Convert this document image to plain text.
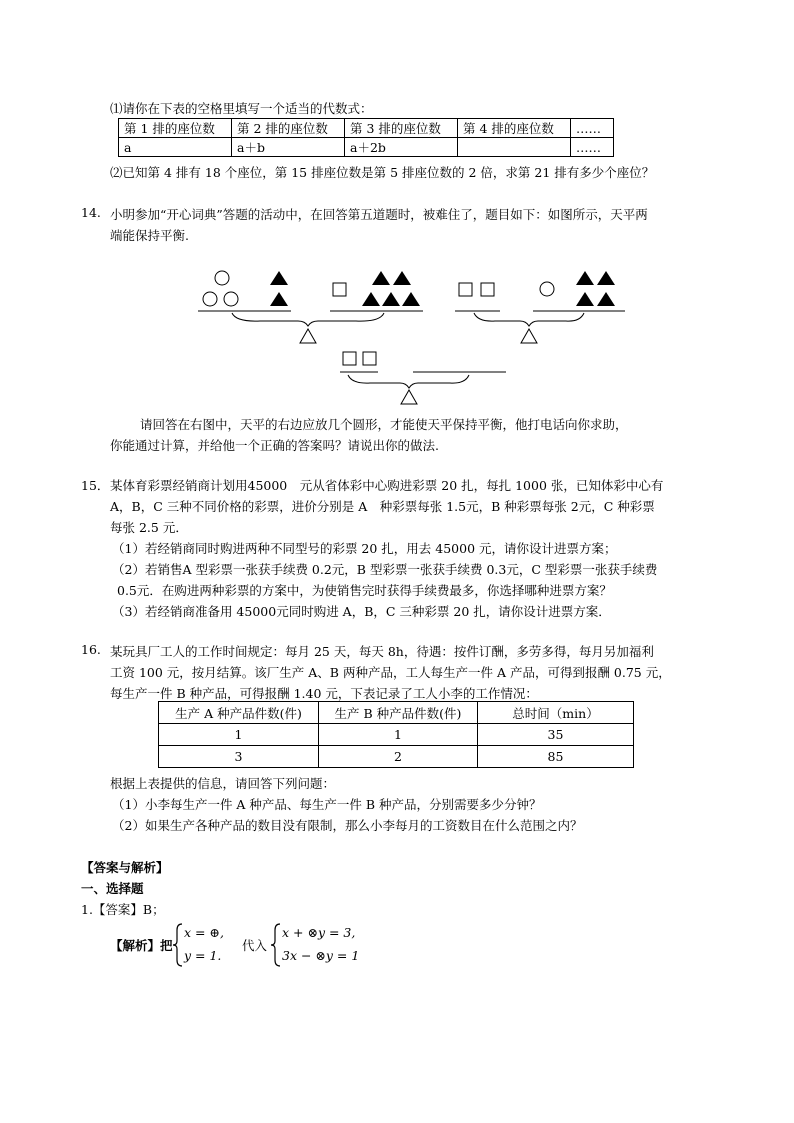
⑴请你在下表的空格里填写一个适当的代数式：
第 1 排的座位数	第 2 排的座位数	第 3 排的座位数	第 4 排的座位数	……
a	a＋b	a＋2b		……
⑵已知第 4 排有 18 个座位，第 15 排座位数是第 5 排座位数的 2 倍，求第 21 排有多少个座位？
14. 小明参加“开心词典”答题的活动中，在回答第五道题时，被难住了，题目如下：如图所示，天平两
端能保持平衡.
请回答在右图中，天平的右边应放几个圆形，才能使天平保持平衡，他打电话向你求助，
你能通过计算，并给他一个正确的答案吗？请说出你的做法.
15． 某体育彩票经销商计划用45000　元从省体彩中心购进彩票 20 扎，每扎 1000 张，已知体彩中心有
A，B，C 三种不同价格的彩票，进价分别是 A　种彩票每张 1.5元，B 种彩票每张 2元，C 种彩票
每张 2.5 元．
（1）若经销商同时购进两种不同型号的彩票 20 扎，用去 45000 元，请你设计进票方案；
（2）若销售A 型彩票一张获手续费 0.2元，B 型彩票一张获手续费 0.3元，C 型彩票一张获手续费
0.5元．在购进两种彩票的方案中，为使销售完时获得手续费最多，你选择哪种进票方案？
（3）若经销商准备用 45000元同时购进 A，B，C 三种彩票 20 扎，请你设计进票方案．
16. 某玩具厂工人的工作时间规定：每月 25 天，每天 8h，待遇：按件订酬，多劳多得，每月另加福利
工资 100 元，按月结算。该厂生产 A、B 两种产品，工人每生产一件 A 产品，可得到报酬 0.75 元，
每生产一件 B 种产品，可得报酬 1.40 元，下表记录了工人小李的工作情况：
生产 A 种产品件数(件)	生产 B 种产品件数(件)	总时间（min）
1	1	35
3	2	85
根据上表提供的信息，请回答下列问题：
（1）小李每生产一件 A 种产品、每生产一件 B 种产品，分别需要多少分钟？
（2）如果生产各种产品的数目没有限制，那么小李每月的工资数目在什么范围之内？
【答案与解析】
一、选择题
1.【答案】B；
【解析】把
x = ⊕,
y = 1.
代入
x + ⊗y = 3,
3x − ⊗y = 1
